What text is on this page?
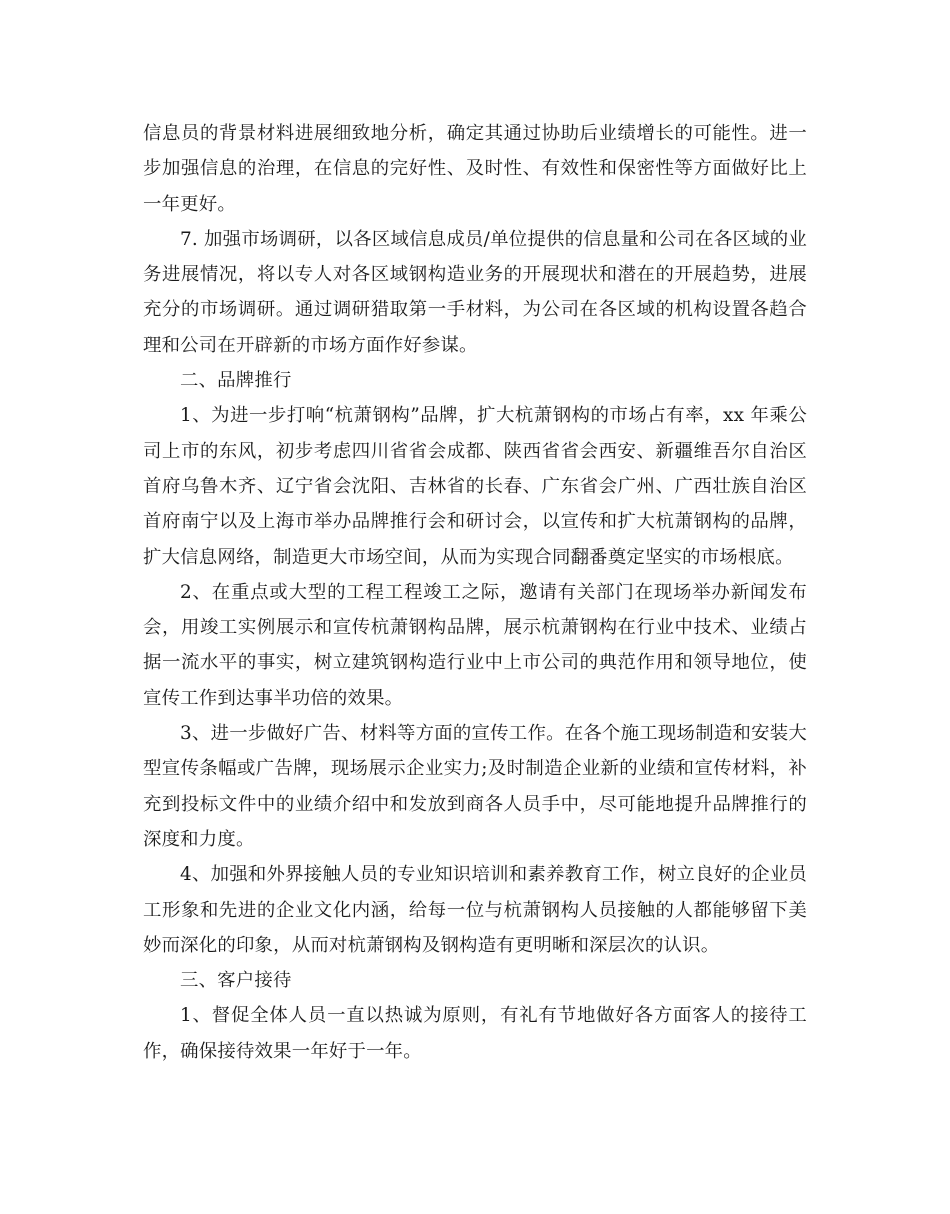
信息员的背景材料进展细致地分析，确定其通过协助后业绩增长的可能性。进一步加强信息的治理，在信息的完好性、及时性、有效性和保密性等方面做好比上一年更好。

7. 加强市场调研，以各区域信息成员/单位提供的信息量和公司在各区域的业务进展情况，将以专人对各区域钢构造业务的开展现状和潜在的开展趋势，进展充分的市场调研。通过调研猎取第一手材料，为公司在各区域的机构设置各趋合理和公司在开辟新的市场方面作好参谋。

二、品牌推行

1、为进一步打响“杭萧钢构”品牌，扩大杭萧钢构的市场占有率，xx 年乘公司上市的东风，初步考虑四川省省会成都、陕西省省会西安、新疆维吾尔自治区首府乌鲁木齐、辽宁省会沈阳、吉林省的长春、广东省会广州、广西壮族自治区首府南宁以及上海市举办品牌推行会和研讨会，以宣传和扩大杭萧钢构的品牌，扩大信息网络，制造更大市场空间，从而为实现合同翻番奠定坚实的市场根底。

2、在重点或大型的工程工程竣工之际，邀请有关部门在现场举办新闻发布会，用竣工实例展示和宣传杭萧钢构品牌，展示杭萧钢构在行业中技术、业绩占据一流水平的事实，树立建筑钢构造行业中上市公司的典范作用和领导地位，使宣传工作到达事半功倍的效果。

3、进一步做好广告、材料等方面的宣传工作。在各个施工现场制造和安装大型宣传条幅或广告牌，现场展示企业实力;及时制造企业新的业绩和宣传材料，补充到投标文件中的业绩介绍中和发放到商各人员手中，尽可能地提升品牌推行的深度和力度。

4、加强和外界接触人员的专业知识培训和素养教育工作，树立良好的企业员工形象和先进的企业文化内涵，给每一位与杭萧钢构人员接触的人都能够留下美妙而深化的印象，从而对杭萧钢构及钢构造有更明晰和深层次的认识。

三、客户接待

1、督促全体人员一直以热诚为原则，有礼有节地做好各方面客人的接待工作，确保接待效果一年好于一年。
